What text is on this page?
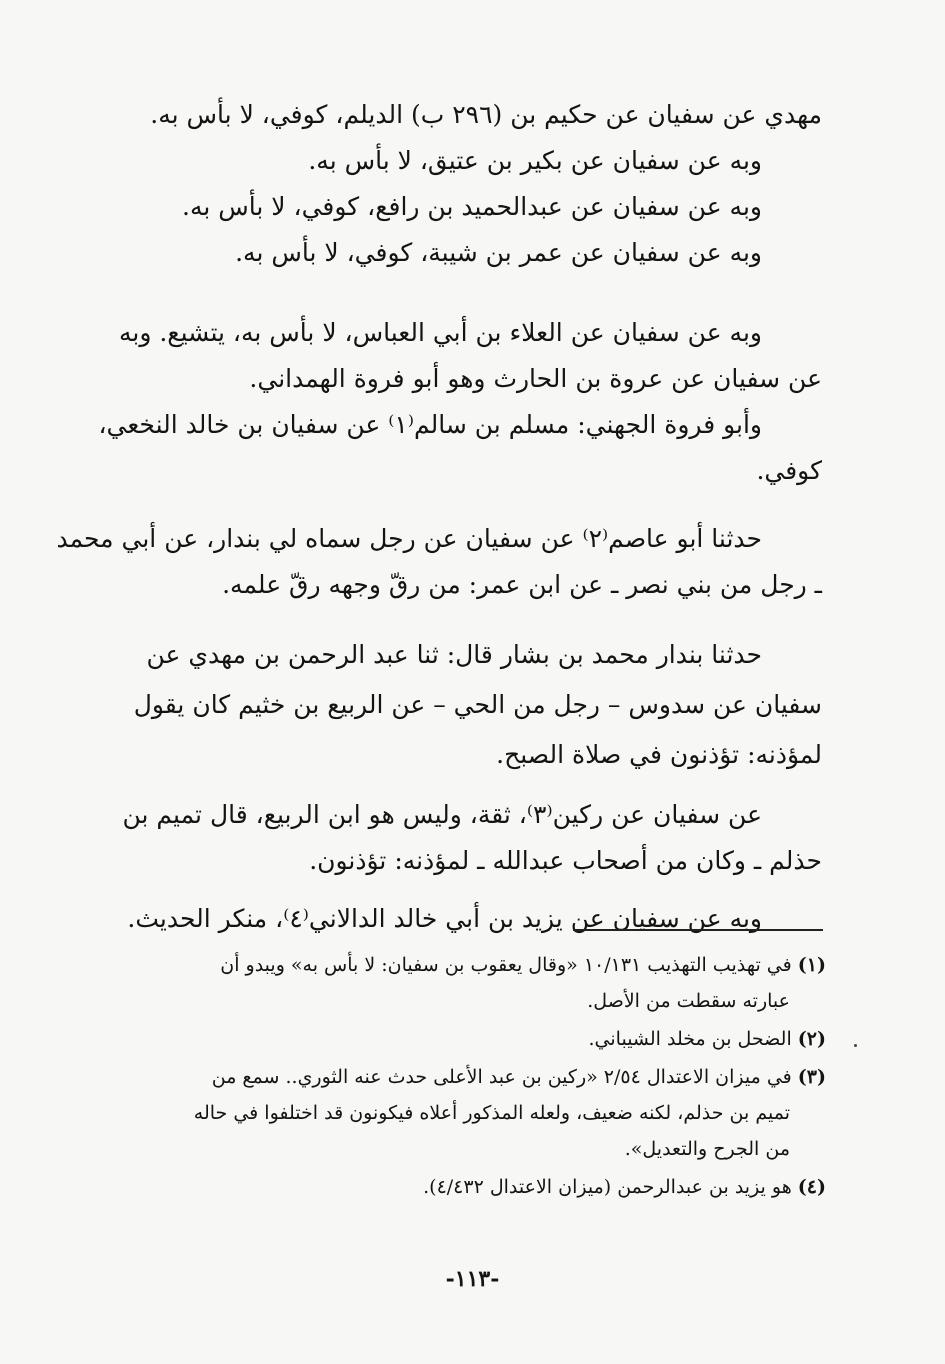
مهدي عن سفيان عن حكيم بن (٢٩٦ ب) الديلم، كوفي، لا بأس به.
وبه عن سفيان عن بكير بن عتيق، لا بأس به.
وبه عن سفيان عن عبدالحميد بن رافع، كوفي، لا بأس به.
وبه عن سفيان عن عمر بن شيبة، كوفي، لا بأس به.
وبه عن سفيان عن العلاء بن أبي العباس، لا بأس به، يتشيع. وبه
عن سفيان عن عروة بن الحارث وهو أبو فروة الهمداني.
وأبو فروة الجهني: مسلم بن سالم⁽١⁾ عن سفيان بن خالد النخعي،
كوفي.
حدثنا أبو عاصم⁽٢⁾ عن سفيان عن رجل سماه لي بندار، عن أبي محمد
ـ رجل من بني نصر ـ عن ابن عمر: من رقّ وجهه رقّ علمه.
حدثنا بندار محمد بن بشار قال: ثنا عبد الرحمن بن مهدي عن
سفيان عن سدوس – رجل من الحي – عن الربيع بن خثيم كان يقول
لمؤذنه: تؤذنون في صلاة الصبح.
عن سفيان عن ركين⁽٣⁾، ثقة، وليس هو ابن الربيع، قال تميم بن
حذلم ـ وكان من أصحاب عبدالله ـ لمؤذنه: تؤذنون.
وبه عن سفيان عن يزيد بن أبي خالد الدالاني⁽٤⁾، منكر الحديث.
(١) في تهذيب التهذيب ١٠/١٣١ «وقال يعقوب بن سفيان: لا بأس به» ويبدو أن
عبارته سقطت من الأصل.
(٢) الضحل بن مخلد الشيباني.
(٣) في ميزان الاعتدال ٢/٥٤ «ركين بن عبد الأعلى حدث عنه الثوري.. سمع من
تميم بن حذلم، لكنه ضعيف، ولعله المذكور أعلاه فيكونون قد اختلفوا في حاله
من الجرح والتعديل».
(٤) هو يزيد بن عبدالرحمن (ميزان الاعتدال ٤/٤٣٢).
-١١٣-
